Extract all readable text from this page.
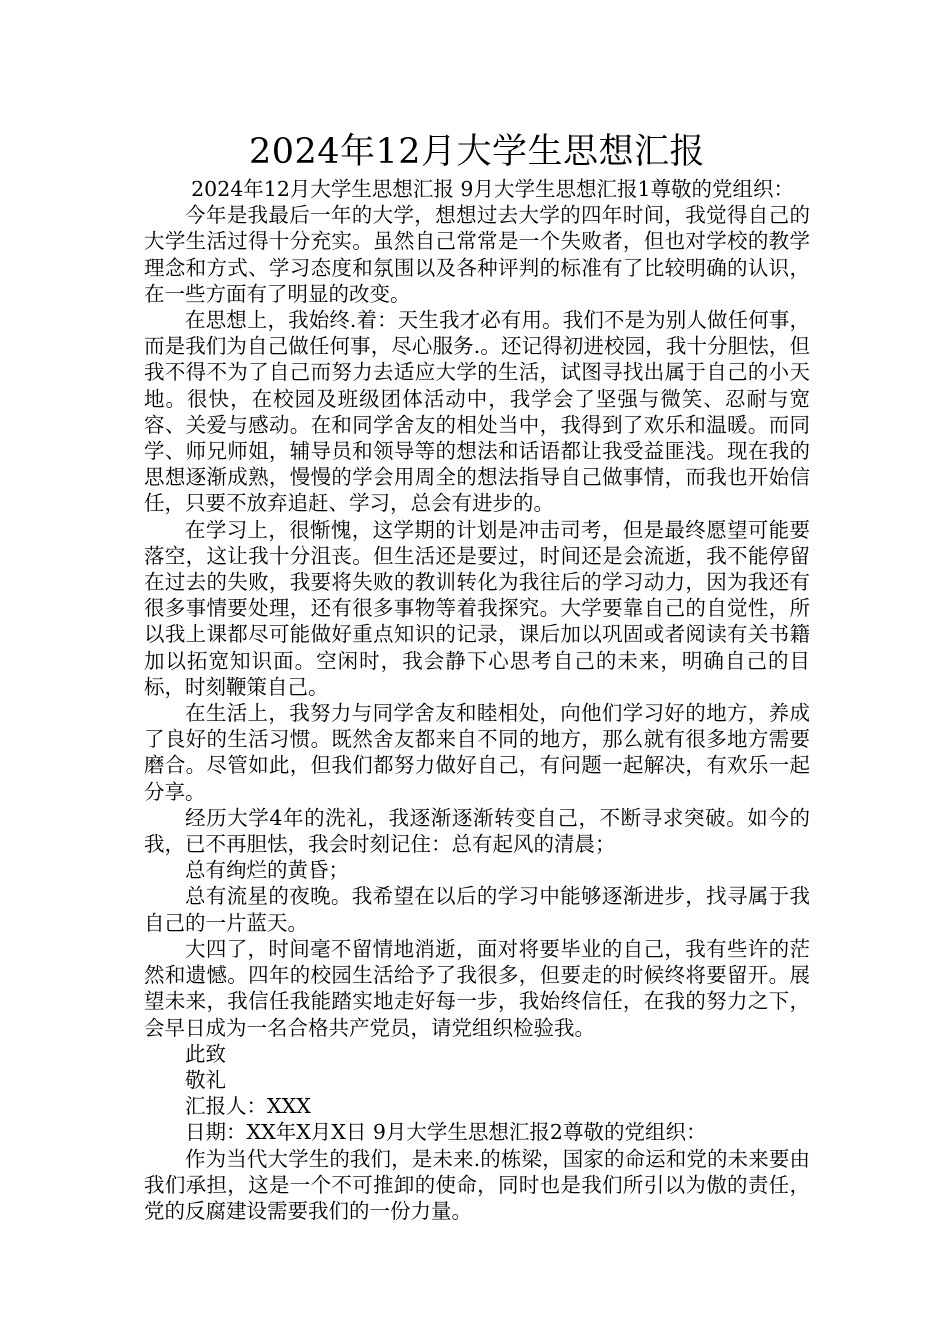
2024年12月大学生思想汇报

2024年12月大学生思想汇报 9月大学生思想汇报1尊敬的党组织：

今年是我最后一年的大学，想想过去大学的四年时间，我觉得自己的大学生活过得十分充实。虽然自己常常是一个失败者，但也对学校的教学理念和方式、学习态度和氛围以及各种评判的标准有了比较明确的认识，在一些方面有了明显的改变。

在思想上，我始终.着：天生我才必有用。我们不是为别人做任何事，而是我们为自己做任何事，尽心服务.。还记得初进校园，我十分胆怯，但我不得不为了自己而努力去适应大学的生活，试图寻找出属于自己的小天地。很快，在校园及班级团体活动中，我学会了坚强与微笑、忍耐与宽容、关爱与感动。在和同学舍友的相处当中，我得到了欢乐和温暖。而同学、师兄师姐，辅导员和领导等的想法和话语都让我受益匪浅。现在我的思想逐渐成熟，慢慢的学会用周全的想法指导自己做事情，而我也开始信任，只要不放弃追赶、学习，总会有进步的。

在学习上，很惭愧，这学期的计划是冲击司考，但是最终愿望可能要落空，这让我十分沮丧。但生活还是要过，时间还是会流逝，我不能停留在过去的失败，我要将失败的教训转化为我往后的学习动力，因为我还有很多事情要处理，还有很多事物等着我探究。大学要靠自己的自觉性，所以我上课都尽可能做好重点知识的记录，课后加以巩固或者阅读有关书籍加以拓宽知识面。空闲时，我会静下心思考自己的未来，明确自己的目标，时刻鞭策自己。

在生活上，我努力与同学舍友和睦相处，向他们学习好的地方，养成了良好的生活习惯。既然舍友都来自不同的地方，那么就有很多地方需要磨合。尽管如此，但我们都努力做好自己，有问题一起解决，有欢乐一起分享。

经历大学4年的洗礼，我逐渐逐渐转变自己，不断寻求突破。如今的我，已不再胆怯，我会时刻记住：总有起风的清晨；

总有绚烂的黄昏；

总有流星的夜晚。我希望在以后的学习中能够逐渐进步，找寻属于我自己的一片蓝天。

大四了，时间毫不留情地消逝，面对将要毕业的自己，我有些许的茫然和遗憾。四年的校园生活给予了我很多，但要走的时候终将要留开。展望未来，我信任我能踏实地走好每一步，我始终信任，在我的努力之下，会早日成为一名合格共产党员，请党组织检验我。

此致

敬礼

汇报人：XXX

日期：XX年X月X日 9月大学生思想汇报2尊敬的党组织：

作为当代大学生的我们，是未来.的栋梁，国家的命运和党的未来要由我们承担，这是一个不可推卸的使命，同时也是我们所引以为傲的责任，党的反腐建设需要我们的一份力量。
